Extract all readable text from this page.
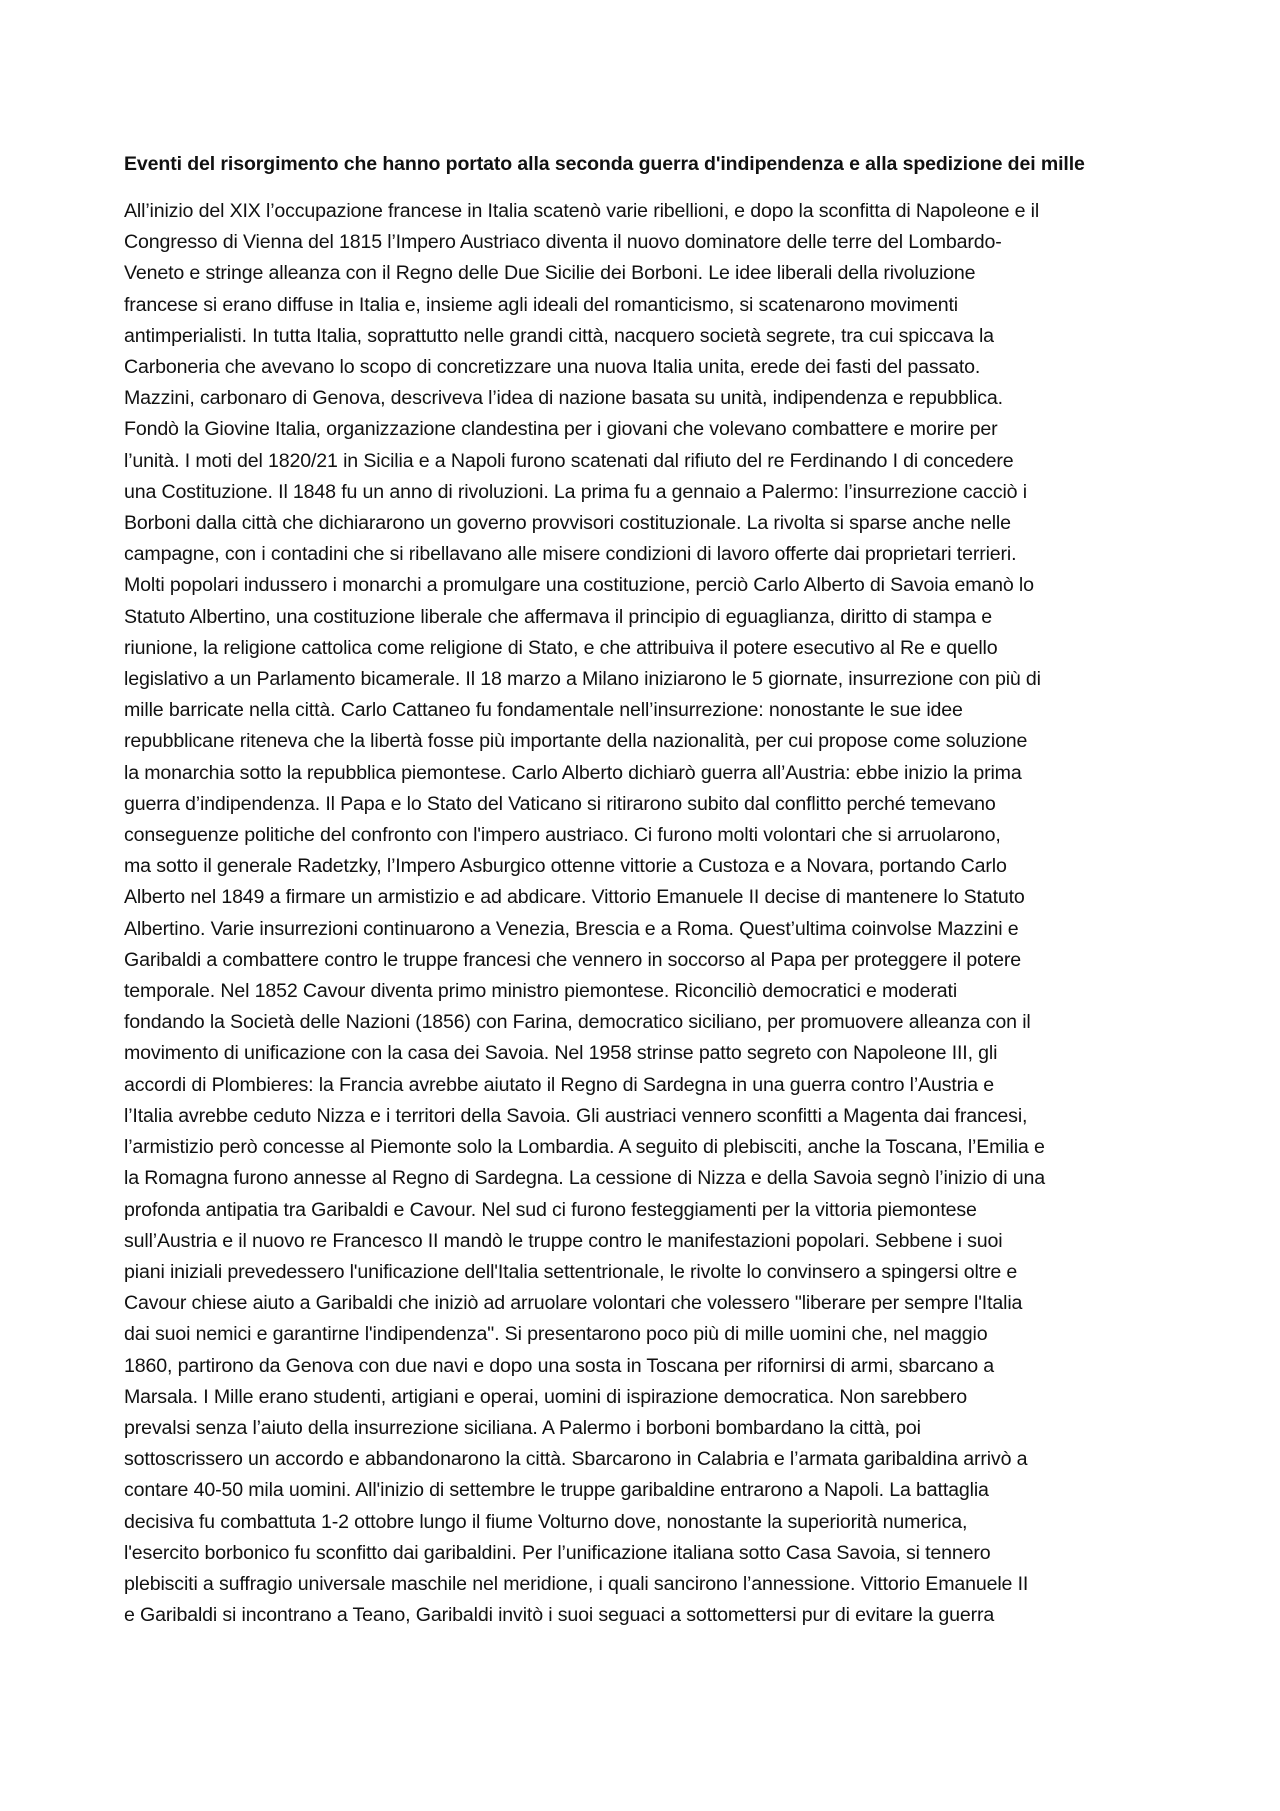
Eventi del risorgimento che hanno portato alla seconda guerra d'indipendenza e alla spedizione dei mille
All’inizio del XIX l’occupazione francese in Italia scatenò varie ribellioni, e dopo la sconfitta di Napoleone e il
Congresso di Vienna del 1815 l’Impero Austriaco diventa il nuovo dominatore delle terre del Lombardo-
Veneto e stringe alleanza con il Regno delle Due Sicilie dei Borboni. Le idee liberali della rivoluzione
francese si erano diffuse in Italia e, insieme agli ideali del romanticismo, si scatenarono movimenti
antimperialisti. In tutta Italia, soprattutto nelle grandi città, nacquero società segrete, tra cui spiccava la
Carboneria che avevano lo scopo di concretizzare una nuova Italia unita, erede dei fasti del passato.
Mazzini, carbonaro di Genova, descriveva l’idea di nazione basata su unità, indipendenza e repubblica.
Fondò la Giovine Italia, organizzazione clandestina per i giovani che volevano combattere e morire per
l’unità. I moti del 1820/21 in Sicilia e a Napoli furono scatenati dal rifiuto del re Ferdinando I di concedere
una Costituzione. Il 1848 fu un anno di rivoluzioni. La prima fu a gennaio a Palermo: l’insurrezione cacciò i
Borboni dalla città che dichiararono un governo provvisori costituzionale. La rivolta si sparse anche nelle
campagne, con i contadini che si ribellavano alle misere condizioni di lavoro offerte dai proprietari terrieri.
Molti popolari indussero i monarchi a promulgare una costituzione, perciò Carlo Alberto di Savoia emanò lo
Statuto Albertino, una costituzione liberale che affermava il principio di eguaglianza, diritto di stampa e
riunione, la religione cattolica come religione di Stato, e che attribuiva il potere esecutivo al Re e quello
legislativo a un Parlamento bicamerale. Il 18 marzo a Milano iniziarono le 5 giornate, insurrezione con più di
mille barricate nella città. Carlo Cattaneo fu fondamentale nell’insurrezione: nonostante le sue idee
repubblicane riteneva che la libertà fosse più importante della nazionalità, per cui propose come soluzione
la monarchia sotto la repubblica piemontese. Carlo Alberto dichiarò guerra all’Austria: ebbe inizio la prima
guerra d’indipendenza. Il Papa e lo Stato del Vaticano si ritirarono subito dal conflitto perché temevano
conseguenze politiche del confronto con l'impero austriaco. Ci furono molti volontari che si arruolarono,
ma sotto il generale Radetzky, l’Impero Asburgico ottenne vittorie a Custoza e a Novara, portando Carlo
Alberto nel 1849 a firmare un armistizio e ad abdicare. Vittorio Emanuele II decise di mantenere lo Statuto
Albertino. Varie insurrezioni continuarono a Venezia, Brescia e a Roma. Quest’ultima coinvolse Mazzini e
Garibaldi a combattere contro le truppe francesi che vennero in soccorso al Papa per proteggere il potere
temporale. Nel 1852 Cavour diventa primo ministro piemontese. Riconciliò democratici e moderati
fondando la Società delle Nazioni (1856) con Farina, democratico siciliano, per promuovere alleanza con il
movimento di unificazione con la casa dei Savoia. Nel 1958 strinse patto segreto con Napoleone III, gli
accordi di Plombieres: la Francia avrebbe aiutato il Regno di Sardegna in una guerra contro l’Austria e
l’Italia avrebbe ceduto Nizza e i territori della Savoia. Gli austriaci vennero sconfitti a Magenta dai francesi,
l’armistizio però concesse al Piemonte solo la Lombardia. A seguito di plebisciti, anche la Toscana, l’Emilia e
la Romagna furono annesse al Regno di Sardegna. La cessione di Nizza e della Savoia segnò l’inizio di una
profonda antipatia tra Garibaldi e Cavour. Nel sud ci furono festeggiamenti per la vittoria piemontese
sull’Austria e il nuovo re Francesco II mandò le truppe contro le manifestazioni popolari. Sebbene i suoi
piani iniziali prevedessero l'unificazione dell'Italia settentrionale, le rivolte lo convinsero a spingersi oltre e
Cavour chiese aiuto a Garibaldi che iniziò ad arruolare volontari che volessero "liberare per sempre l'Italia
dai suoi nemici e garantirne l'indipendenza". Si presentarono poco più di mille uomini che, nel maggio
1860, partirono da Genova con due navi e dopo una sosta in Toscana per rifornirsi di armi, sbarcano a
Marsala. I Mille erano studenti, artigiani e operai, uomini di ispirazione democratica. Non sarebbero
prevalsi senza l’aiuto della insurrezione siciliana. A Palermo i borboni bombardano la città, poi
sottoscrissero un accordo e abbandonarono la città. Sbarcarono in Calabria e l’armata garibaldina arrivò a
contare 40-50 mila uomini. All'inizio di settembre le truppe garibaldine entrarono a Napoli. La battaglia
decisiva fu combattuta 1-2 ottobre lungo il fiume Volturno dove, nonostante la superiorità numerica,
l'esercito borbonico fu sconfitto dai garibaldini. Per l’unificazione italiana sotto Casa Savoia, si tennero
plebisciti a suffragio universale maschile nel meridione, i quali sancirono l’annessione. Vittorio Emanuele II
e Garibaldi si incontrano a Teano, Garibaldi invitò i suoi seguaci a sottomettersi pur di evitare la guerra
